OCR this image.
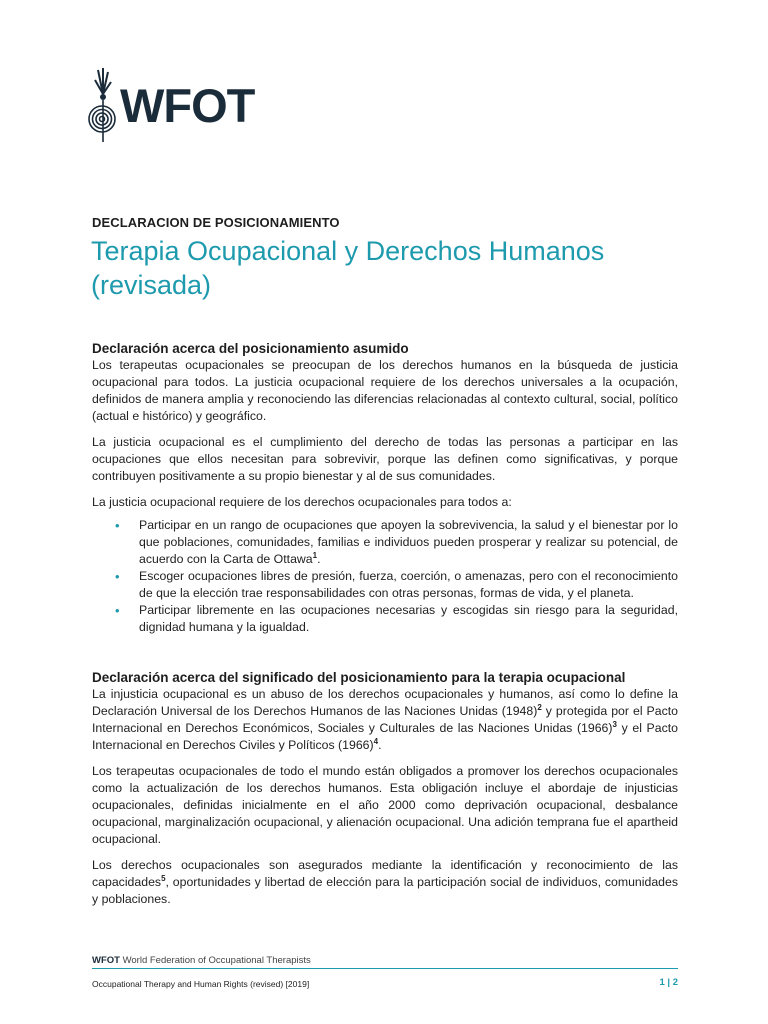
WFOT
DECLARACION DE POSICIONAMIENTO
Terapia Ocupacional y Derechos Humanos (revisada)
Declaración acerca del posicionamiento asumido

Los terapeutas ocupacionales se preocupan de los derechos humanos en la búsqueda de justicia ocupacional para todos. La justicia ocupacional requiere de los derechos universales a la ocupación, definidos de manera amplia y reconociendo las diferencias relacionadas al contexto cultural, social, político (actual e histórico) y geográfico.

La justicia ocupacional es el cumplimiento del derecho de todas las personas a participar en las ocupaciones que ellos necesitan para sobrevivir, porque las definen como significativas, y porque contribuyen positivamente a su propio bienestar y al de sus comunidades.

La justicia ocupacional requiere de los derechos ocupacionales para todos a:

• Participar en un rango de ocupaciones que apoyen la sobrevivencia, la salud y el bienestar por lo que poblaciones, comunidades, familias e individuos pueden prosperar y realizar su potencial, de acuerdo con la Carta de Ottawa$^1$.
• Escoger ocupaciones libres de presión, fuerza, coerción, o amenazas, pero con el reconocimiento de que la elección trae responsabilidades con otras personas, formas de vida, y el planeta.
• Participar libremente en las ocupaciones necesarias y escogidas sin riesgo para la seguridad, dignidad humana y la igualdad.
Declaración acerca del significado del posicionamiento para la terapia ocupacional

La injusticia ocupacional es un abuso de los derechos ocupacionales y humanos, así como lo define la Declaración Universal de los Derechos Humanos de las Naciones Unidas $(1948)^2$ y protegida por el Pacto Internacional en Derechos Económicos, Sociales y Culturales de las Naciones Unidas $(1966)^3$ y el Pacto Internacional en Derechos Civiles y Políticos $(1966)^4$.

Los terapeutas ocupacionales de todo el mundo están obligados a promover los derechos ocupacionales como la actualización de los derechos humanos. Esta obligación incluye el abordaje de injusticias ocupacionales, definidas inicialmente en el año 2000 como deprivación ocupacional, desbalance ocupacional, marginalización ocupacional, y alienación ocupacional. Una adición temprana fue el apartheid ocupacional.

Los derechos ocupacionales son asegurados mediante la identificación y reconocimiento de las capacidades$^5$, oportunidades y libertad de elección para la participación social de individuos, comunidades y poblaciones.

WFOT World Federation of Occupational Therapists
Occupational Therapy and Human Rights (revised) [2019]	1 | 2
